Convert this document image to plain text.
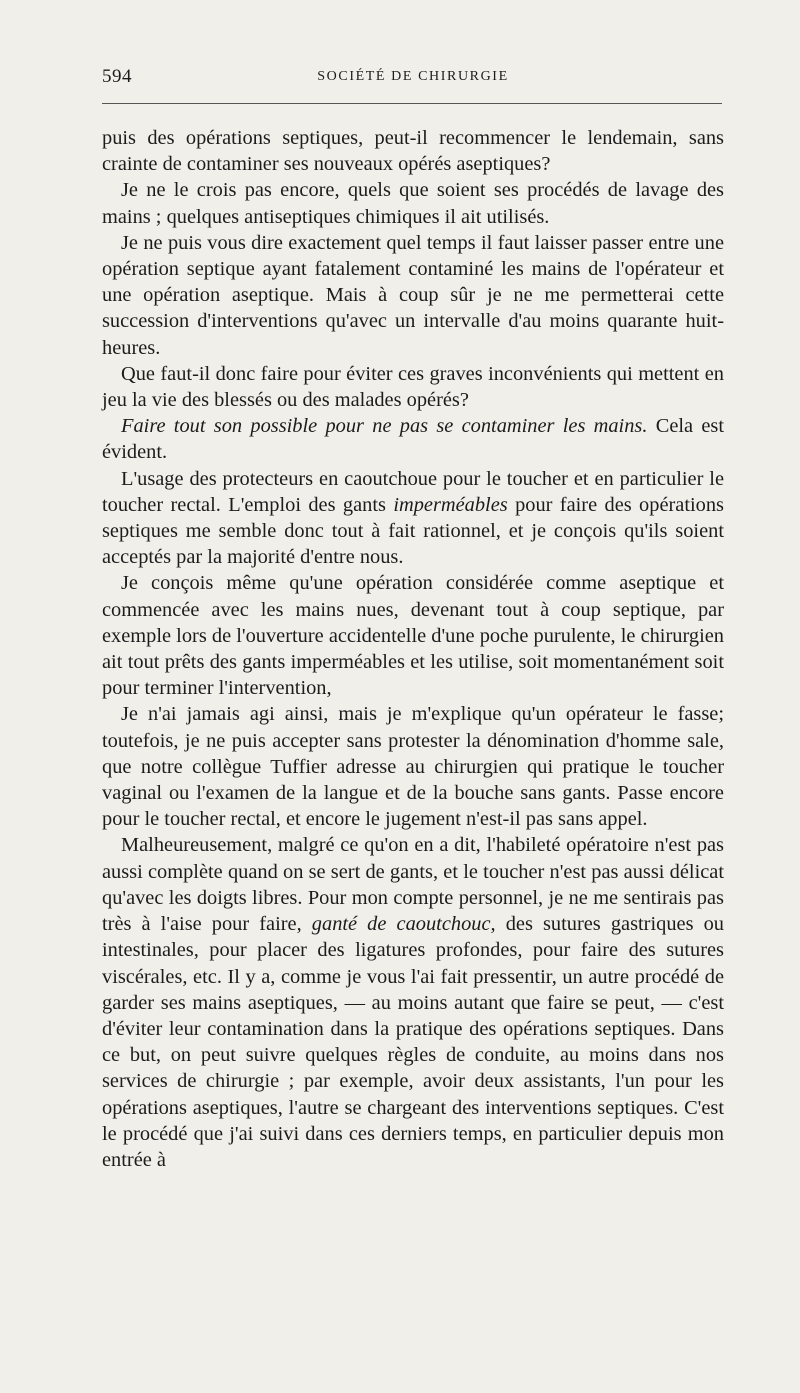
594	SOCIÉTÉ DE CHIRURGIE

puis des opérations septiques, peut-il recommencer le lendemain, sans crainte de contaminer ses nouveaux opérés aseptiques?

Je ne le crois pas encore, quels que soient ses procédés de lavage des mains ; quelques antiseptiques chimiques il ait utilisés.

Je ne puis vous dire exactement quel temps il faut laisser passer entre une opération septique ayant fatalement contaminé les mains de l'opérateur et une opération aseptique. Mais à coup sûr je ne me permetterai cette succession d'interventions qu'avec un intervalle d'au moins quarante huit-heures.

Que faut-il donc faire pour éviter ces graves inconvénients qui mettent en jeu la vie des blessés ou des malades opérés?

Faire tout son possible pour ne pas se contaminer les mains. Cela est évident.

L'usage des protecteurs en caoutchoue pour le toucher et en particulier le toucher rectal. L'emploi des gants imperméables pour faire des opérations septiques me semble donc tout à fait rationnel, et je conçois qu'ils soient acceptés par la majorité d'entre nous.

Je conçois même qu'une opération considérée comme aseptique et commencée avec les mains nues, devenant tout à coup septique, par exemple lors de l'ouverture accidentelle d'une poche purulente, le chirurgien ait tout prêts des gants imperméables et les utilise, soit momentanément soit pour terminer l'intervention,

Je n'ai jamais agi ainsi, mais je m'explique qu'un opérateur le fasse; toutefois, je ne puis accepter sans protester la dénomination d'homme sale, que notre collègue Tuffier adresse au chirurgien qui pratique le toucher vaginal ou l'examen de la langue et de la bouche sans gants. Passe encore pour le toucher rectal, et encore le jugement n'est-il pas sans appel.

Malheureusement, malgré ce qu'on en a dit, l'habileté opératoire n'est pas aussi complète quand on se sert de gants, et le toucher n'est pas aussi délicat qu'avec les doigts libres. Pour mon compte personnel, je ne me sentirais pas très à l'aise pour faire, ganté de caoutchouc, des sutures gastriques ou intestinales, pour placer des ligatures profondes, pour faire des sutures viscérales, etc. Il y a, comme je vous l'ai fait pressentir, un autre procédé de garder ses mains aseptiques, — au moins autant que faire se peut, — c'est d'éviter leur contamination dans la pratique des opérations septiques. Dans ce but, on peut suivre quelques règles de conduite, au moins dans nos services de chirurgie ; par exemple, avoir deux assistants, l'un pour les opérations aseptiques, l'autre se chargeant des interventions septiques. C'est le procédé que j'ai suivi dans ces derniers temps, en particulier depuis mon entrée à
